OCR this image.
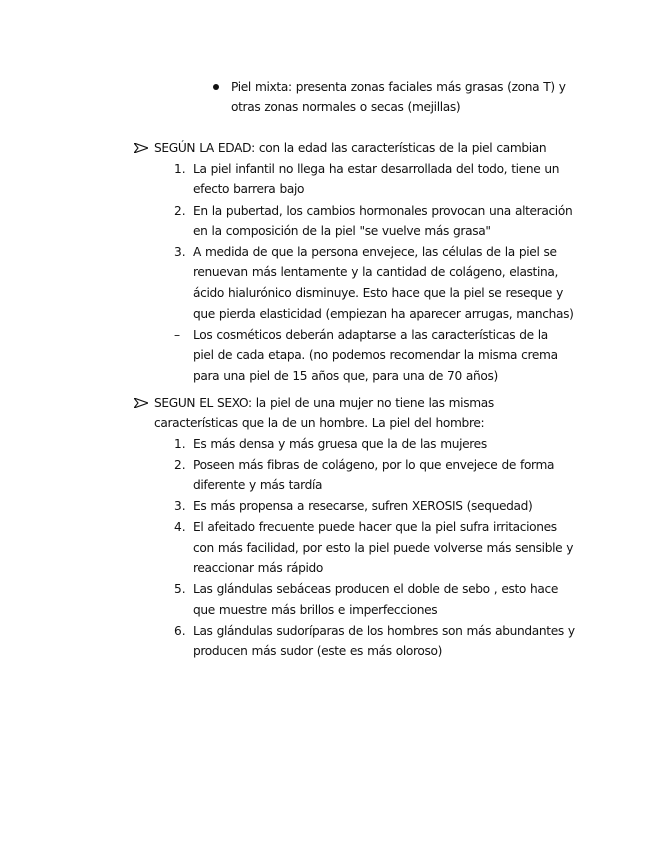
Piel mixta: presenta zonas faciales más grasas (zona T) y
otras zonas normales o secas (mejillas)
SEGÚN LA EDAD: con la edad las características de la piel cambian
1. La piel infantil no llega ha estar desarrollada del todo, tiene un
efecto barrera bajo
2. En la pubertad, los cambios hormonales provocan una alteración
en la composición de la piel "se vuelve más grasa"
3. A medida de que la persona envejece, las células de la piel se
renuevan más lentamente y la cantidad de colágeno, elastina,
ácido hialurónico disminuye. Esto hace que la piel se reseque y
que pierda elasticidad (empiezan ha aparecer arrugas, manchas)
– Los cosméticos deberán adaptarse a las características de la
piel de cada etapa. (no podemos recomendar la misma crema
para una piel de 15 años que, para una de 70 años)
SEGUN EL SEXO: la piel de una mujer no tiene las mismas
características que la de un hombre. La piel del hombre:
1. Es más densa y más gruesa que la de las mujeres
2. Poseen más fibras de colágeno, por lo que envejece de forma
diferente y más tardía
3. Es más propensa a resecarse, sufren XEROSIS (sequedad)
4. El afeitado frecuente puede hacer que la piel sufra irritaciones
con más facilidad, por esto la piel puede volverse más sensible y
reaccionar más rápido
5. Las glándulas sebáceas producen el doble de sebo , esto hace
que muestre más brillos e imperfecciones
6. Las glándulas sudoríparas de los hombres son más abundantes y
producen más sudor (este es más oloroso)
